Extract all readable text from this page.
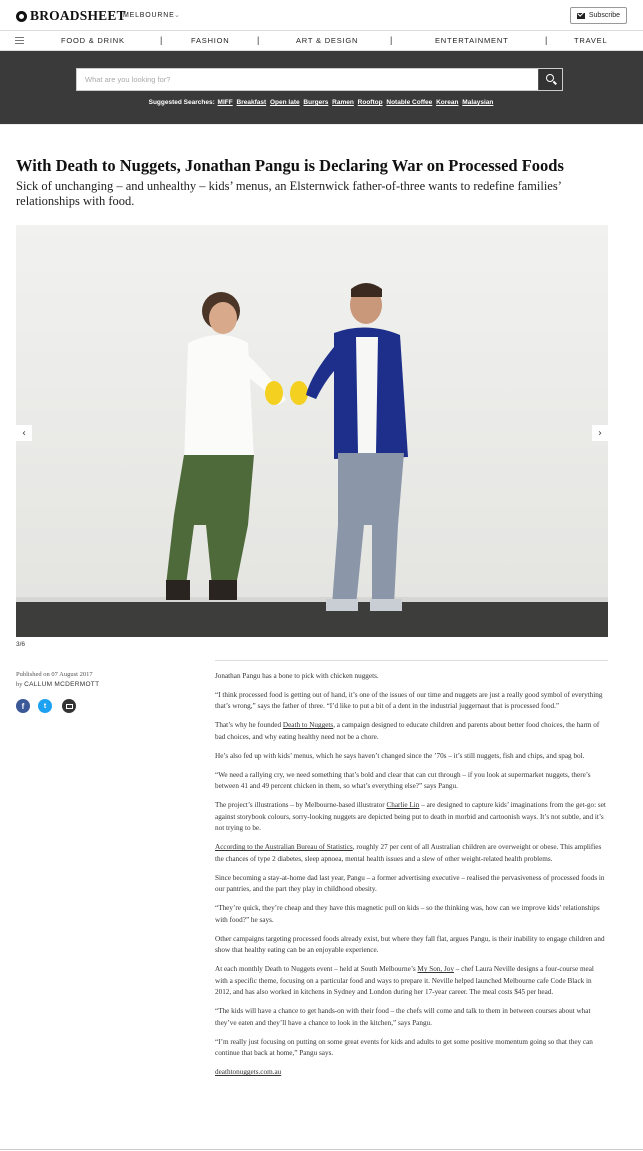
BROADSHEET
MELBOURNE ⌄	Subscribe
FOOD & DRINK	|	FASHION	|	ART & DESIGN	|	ENTERTAINMENT	|	TRAVEL
What are you looking for?
Suggested Searches: MIFF Breakfast Open late Burgers Ramen Rooftop Notable Coffee Korean Malaysian
With Death to Nuggets, Jonathan Pangu is Declaring War on Processed Foods

Sick of unchanging – and unhealthy – kids’ menus, an Elsternwick father-of-three wants to redefine families’ relationships with food.

‹	›
3/6
Published on 07 August 2017
by CALLUM MCDERMOTT
f	t

Jonathan Pangu has a bone to pick with chicken nuggets.

“I think processed food is getting out of hand, it’s one of the issues of our time and nuggets are just a really good symbol of everything that’s wrong,” says the father of three. “I’d like to put a bit of a dent in the industrial juggernaut that is processed food.”

That’s why he founded Death to Nuggets, a campaign designed to educate children and parents about better food choices, the harm of bad choices, and why eating healthy need not be a chore.

He’s also fed up with kids’ menus, which he says haven’t changed since the ’70s – it’s still nuggets, fish and chips, and spag bol.

“We need a rallying cry, we need something that’s bold and clear that can cut through – if you look at supermarket nuggets, there’s between 41 and 49 percent chicken in them, so what’s everything else?” says Pangu.

The project’s illustrations – by Melbourne-based illustrator Charlie Lin – are designed to capture kids’ imaginations from the get-go: set against storybook colours, sorry-looking nuggets are depicted being put to death in morbid and cartoonish ways. It’s not subtle, and it’s not trying to be.

According to the Australian Bureau of Statistics, roughly 27 per cent of all Australian children are overweight or obese. This amplifies the chances of type 2 diabetes, sleep apnoea, mental health issues and a slew of other weight-related health problems.

Since becoming a stay-at-home dad last year, Pangu – a former advertising executive – realised the pervasiveness of processed foods in our pantries, and the part they play in childhood obesity.

“They’re quick, they’re cheap and they have this magnetic pull on kids – so the thinking was, how can we improve kids’ relationships with food?” he says.

Other campaigns targeting processed foods already exist, but where they fall flat, argues Pangu, is their inability to engage children and show that healthy eating can be an enjoyable experience.

At each monthly Death to Nuggets event – held at South Melbourne’s My Son, Joy – chef Laura Neville designs a four-course meal with a specific theme, focusing on a particular food and ways to prepare it. Neville helped launched Melbourne cafe Code Black in 2012, and has also worked in kitchens in Sydney and London during her 17-year career. The meal costs $45 per head.

“The kids will have a chance to get hands-on with their food – the chefs will come and talk to them in between courses about what they’ve eaten and they’ll have a chance to look in the kitchen,” says Pangu.

“I’m really just focusing on putting on some great events for kids and adults to get some positive momentum going so that they can continue that back at home,” Pangu says.

deathtonuggets.com.au
